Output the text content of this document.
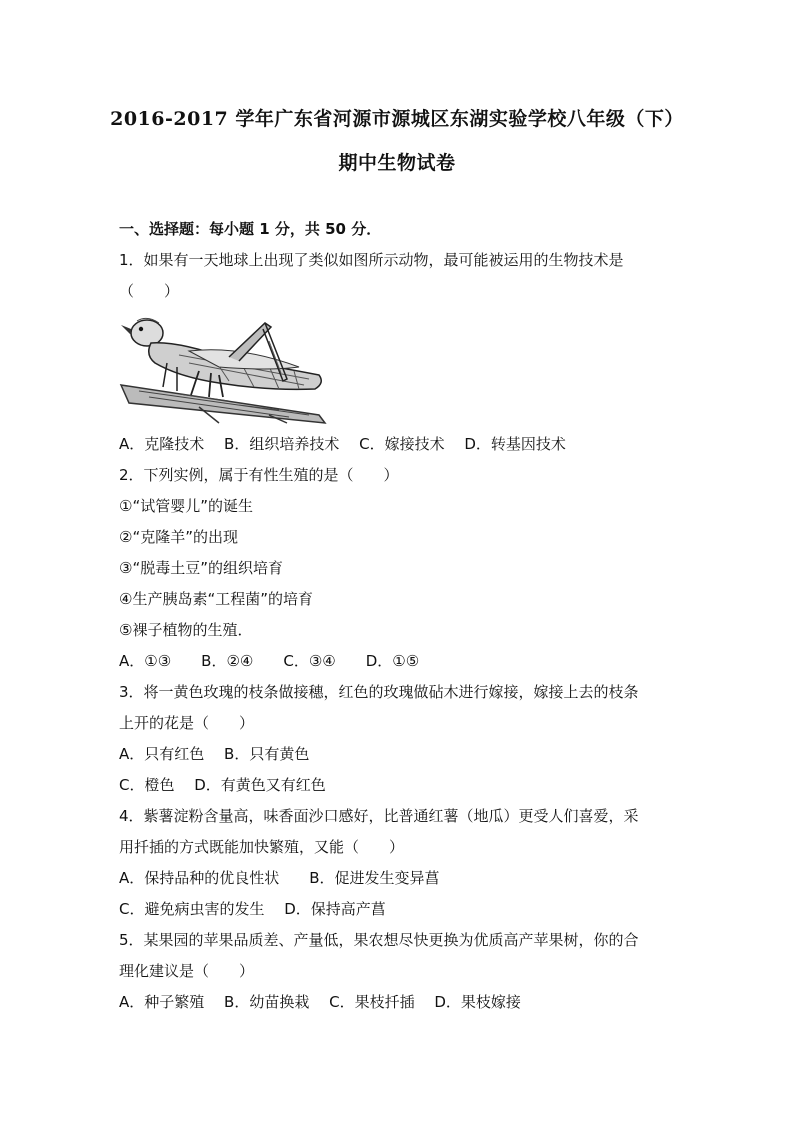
2016-2017 学年广东省河源市源城区东湖实验学校八年级（下）
期中生物试卷
一、选择题：每小题 1 分，共 50 分．
1．如果有一天地球上出现了类似如图所示动物，最可能被运用的生物技术是
（　　）
A．克隆技术　 B．组织培养技术　 C．嫁接技术　 D．转基因技术
2．下列实例，属于有性生殖的是（　　）
①“试管婴儿”的诞生
②“克隆羊”的出现
③“脱毒土豆”的组织培育
④生产胰岛素“工程菌”的培育
⑤裸子植物的生殖．
A．①③　　B．②④　　C．③④　　D．①⑤
3．将一黄色玫瑰的枝条做接穗，红色的玫瑰做砧木进行嫁接，嫁接上去的枝条
上开的花是（　　）
A．只有红色　 B．只有黄色
C．橙色　 D．有黄色又有红色
4．紫薯淀粉含量高，味香面沙口感好，比普通红薯（地瓜）更受人们喜爱，采
用扦插的方式既能加快繁殖，又能（　　）
A．保持品种的优良性状　　B．促进发生变异菖
C．避免病虫害的发生　 D．保持高产菖
5．某果园的苹果品质差、产量低，果农想尽快更换为优质高产苹果树，你的合
理化建议是（　　）
A．种子繁殖　 B．幼苗换栽　 C．果枝扦插　 D．果枝嫁接
